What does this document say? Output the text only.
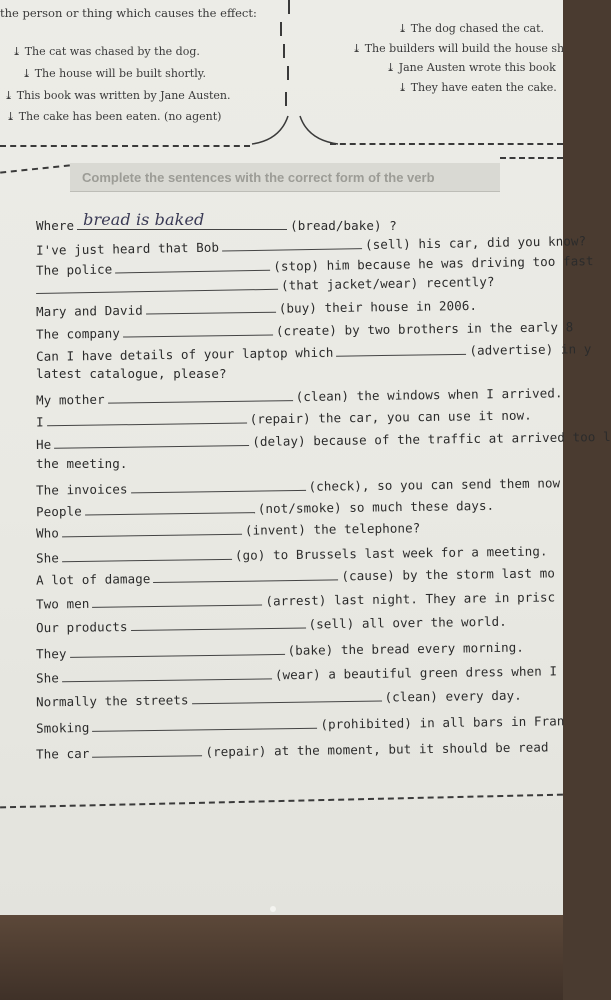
the person or thing which causes the effect:
⤓ The cat was chased by the dog.
⤓ The house will be built shortly.
⤓ This book was written by Jane Austen.
⤓ The cake has been eaten. (no agent)
⤓ The dog chased the cat.
⤓ The builders will build the house sh
⤓ Jane Austen wrote this book
⤓ They have eaten the cake.
Complete the sentences with the correct form of the verb
Where bread is baked	(bread/bake) ?
I've just heard that Bob	(sell) his car, did you know?
The police	(stop) him because he was driving too fast
(that jacket/wear) recently?
Mary and David	(buy) their house in 2006.
The company	(create) by two brothers in the early 8
Can I have details of your laptop which	(advertise) in y
latest catalogue, please?
My mother	(clean) the windows when I arrived.
I	(repair) the car, you can use it now.
He	(delay) because of the traffic at arrived too l
the meeting.
The invoices	(check), so you can send them now
People	(not/smoke) so much these days.
Who	(invent) the telephone?
She	(go) to Brussels last week for a meeting.
A lot of damage	(cause) by the storm last mo
Two men	(arrest) last night. They are in prisc
Our products	(sell) all over the world.
They	(bake) the bread every morning.
She	(wear) a beautiful green dress when I
Normally the streets	(clean) every day.
Smoking	(prohibited) in all bars in Fran
The car	(repair) at the moment, but it should be read
